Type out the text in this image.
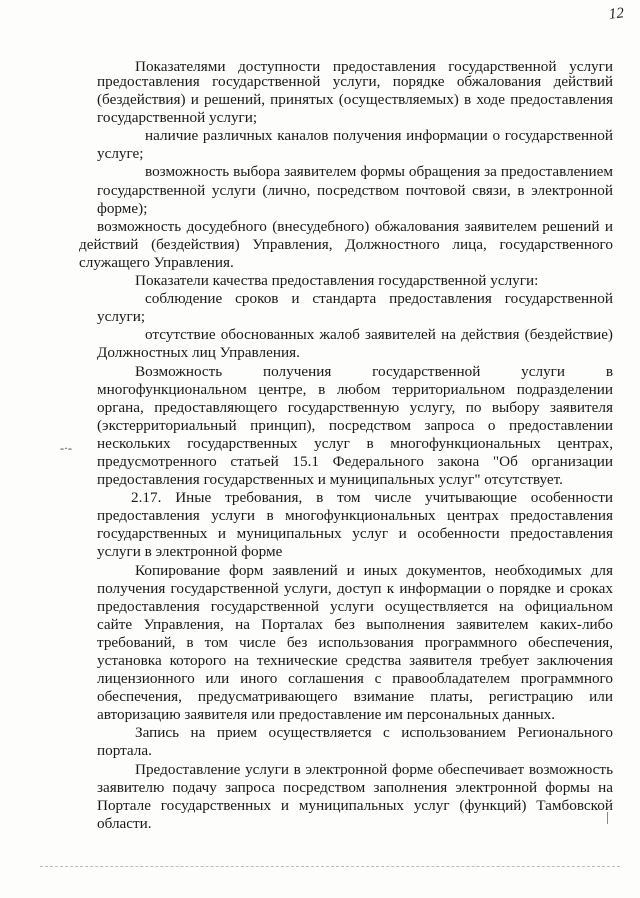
12

Показателями доступности предоставления государственной услуги

предоставления государственной услуги, порядке обжалования действий (бездействия) и решений, принятых (осуществляемых) в ходе предоставления государственной услуги;

наличие различных каналов получения информации о государственной услуге;

возможность выбора заявителем формы обращения за предоставлением государственной услуги (лично, посредством почтовой связи, в электронной форме);

возможность досудебного (внесудебного) обжалования заявителем решений и действий (бездействия) Управления, Должностного лица, государственного служащего Управления.

Показатели качества предоставления государственной услуги:

соблюдение сроков и стандарта предоставления государственной услуги;

отсутствие обоснованных жалоб заявителей на действия (бездействие) Должностных лиц Управления.

Возможность получения государственной услуги в многофункциональном центре, в любом территориальном подразделении органа, предоставляющего государственную услугу, по выбору заявителя (экстерриториальный принцип), посредством запроса о предоставлении нескольких государственных услуг в многофункциональных центрах, предусмотренного статьей 15.1 Федерального закона "Об организации предоставления государственных и муниципальных услуг" отсутствует.

2.17. Иные требования, в том числе учитывающие особенности предоставления услуги в многофункциональных центрах предоставления государственных и муниципальных услуг и особенности предоставления услуги в электронной форме

Копирование форм заявлений и иных документов, необходимых для получения государственной услуги, доступ к информации о порядке и сроках предоставления государственной услуги осуществляется на официальном сайте Управления, на Порталах без выполнения заявителем каких-либо требований, в том числе без использования программного обеспечения, установка которого на технические средства заявителя требует заключения лицензионного или иного соглашения с правообладателем программного обеспечения, предусматривающего взимание платы, регистрацию или авторизацию заявителя или предоставление им персональных данных.

Запись на прием осуществляется с использованием Регионального портала.

Предоставление услуги в электронной форме обеспечивает возможность заявителю подачу запроса посредством заполнения электронной формы на Портале государственных и муниципальных услуг (функций) Тамбовской области.

-·-
